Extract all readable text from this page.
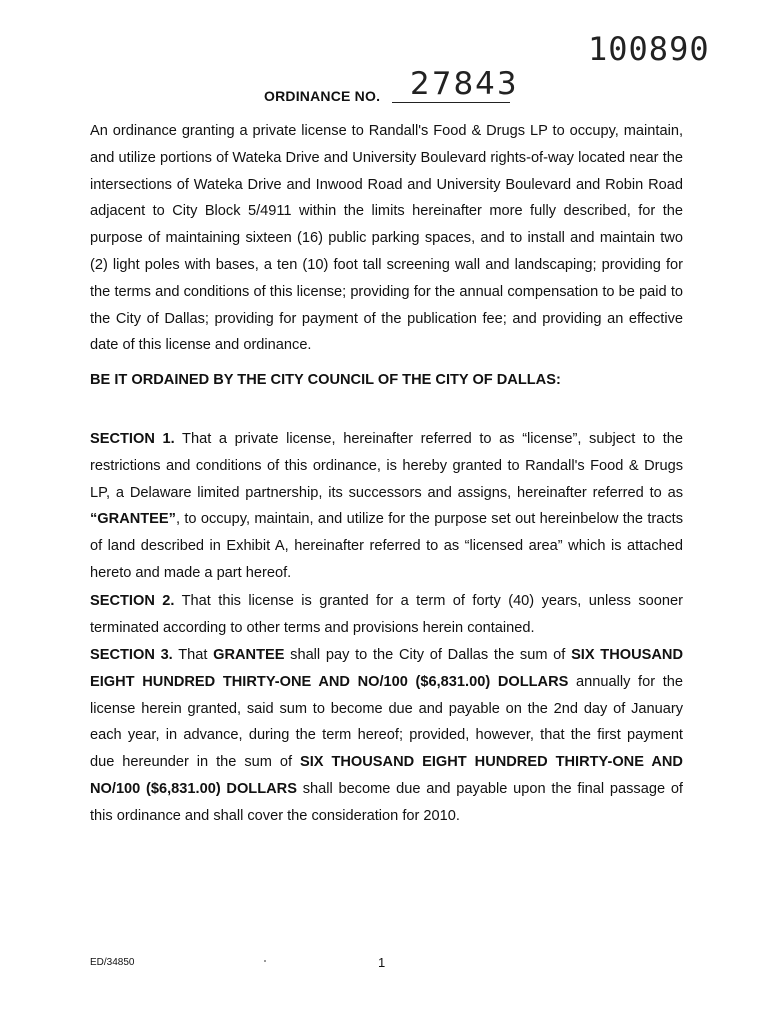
100890
ORDINANCE NO. 27843

An ordinance granting a private license to Randall's Food & Drugs LP to occupy, maintain, and utilize portions of Wateka Drive and University Boulevard rights-of-way located near the intersections of Wateka Drive and Inwood Road and University Boulevard and Robin Road adjacent to City Block 5/4911 within the limits hereinafter more fully described, for the purpose of maintaining sixteen (16) public parking spaces, and to install and maintain two (2) light poles with bases, a ten (10) foot tall screening wall and landscaping; providing for the terms and conditions of this license; providing for the annual compensation to be paid to the City of Dallas; providing for payment of the publication fee; and providing an effective date of this license and ordinance.

BE IT ORDAINED BY THE CITY COUNCIL OF THE CITY OF DALLAS:

SECTION 1. That a private license, hereinafter referred to as “license”, subject to the restrictions and conditions of this ordinance, is hereby granted to Randall's Food & Drugs LP, a Delaware limited partnership, its successors and assigns, hereinafter referred to as “GRANTEE”, to occupy, maintain, and utilize for the purpose set out hereinbelow the tracts of land described in Exhibit A, hereinafter referred to as “licensed area” which is attached hereto and made a part hereof.

SECTION 2. That this license is granted for a term of forty (40) years, unless sooner terminated according to other terms and provisions herein contained.

SECTION 3. That GRANTEE shall pay to the City of Dallas the sum of SIX THOUSAND EIGHT HUNDRED THIRTY-ONE AND NO/100 ($6,831.00) DOLLARS annually for the license herein granted, said sum to become due and payable on the 2nd day of January each year, in advance, during the term hereof; provided, however, that the first payment due hereunder in the sum of SIX THOUSAND EIGHT HUNDRED THIRTY-ONE AND NO/100 ($6,831.00) DOLLARS shall become due and payable upon the final passage of this ordinance and shall cover the consideration for 2010.

ED/34850	1
